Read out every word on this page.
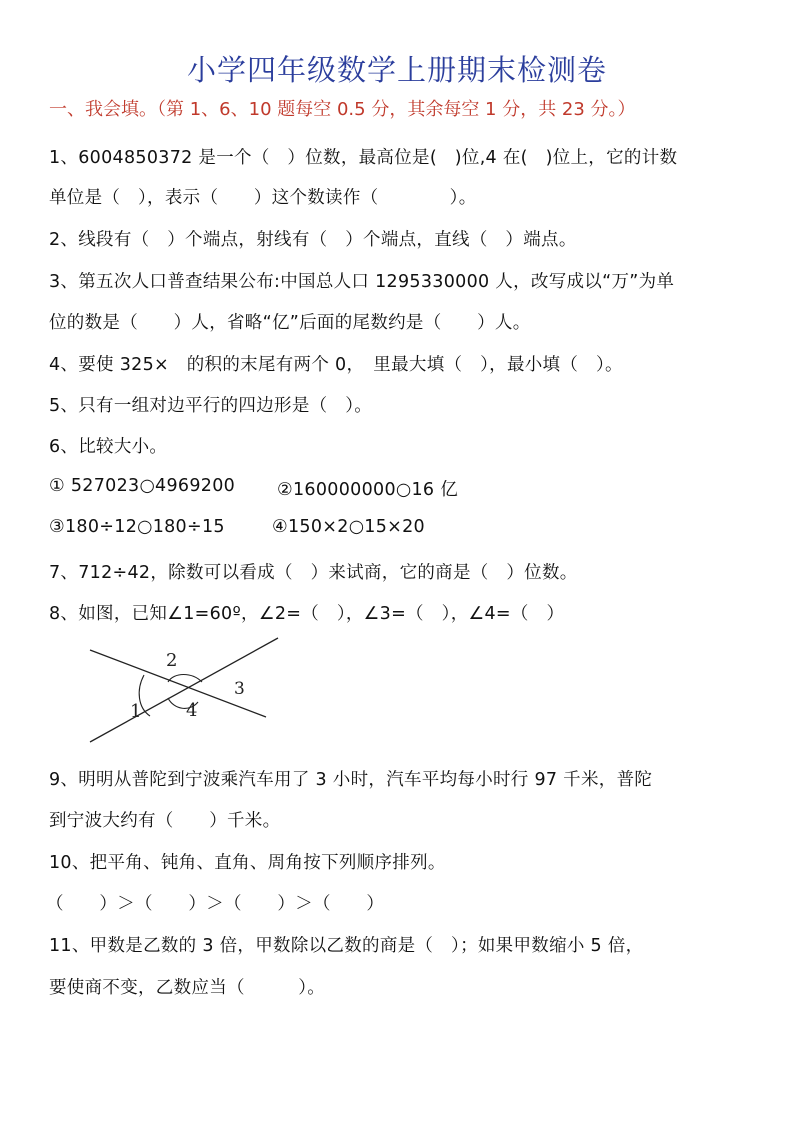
小学四年级数学上册期末检测卷
一、我会填。（第 1、6、10 题每空 0.5 分，其余每空 1 分，共 23 分。）
1、6004850372 是一个（　）位数，最高位是(　)位,4 在(　)位上，它的计数
单位是（　），表示（　　）这个数读作（　　　　）。
2、线段有（　）个端点，射线有（　）个端点，直线（　）端点。
3、第五次人口普查结果公布:中国总人口 1295330000 人，改写成以“万”为单
位的数是（　　）人，省略“亿”后面的尾数约是（　　）人。
4、要使 325×　的积的末尾有两个 0，　里最大填（　），最小填（　）。
5、只有一组对边平行的四边形是（　）。
6、比较大小。
① 527023○4969200 ②160000000○16 亿
③180÷12○180÷15	④150×2○15×20
7、712÷42，除数可以看成（　）来试商，它的商是（　）位数。
8、如图，已知∠1=60º，∠2=（　），∠3=（　），∠4=（　）
2
3
1 4
9、明明从普陀到宁波乘汽车用了 3 小时，汽车平均每小时行 97 千米，普陀
到宁波大约有（　　）千米。
10、把平角、钝角、直角、周角按下列顺序排列。
（　　）＞（　　）＞（　　）＞（　　）
11、甲数是乙数的 3 倍，甲数除以乙数的商是（　）；如果甲数缩小 5 倍，
要使商不变，乙数应当（　　　）。
